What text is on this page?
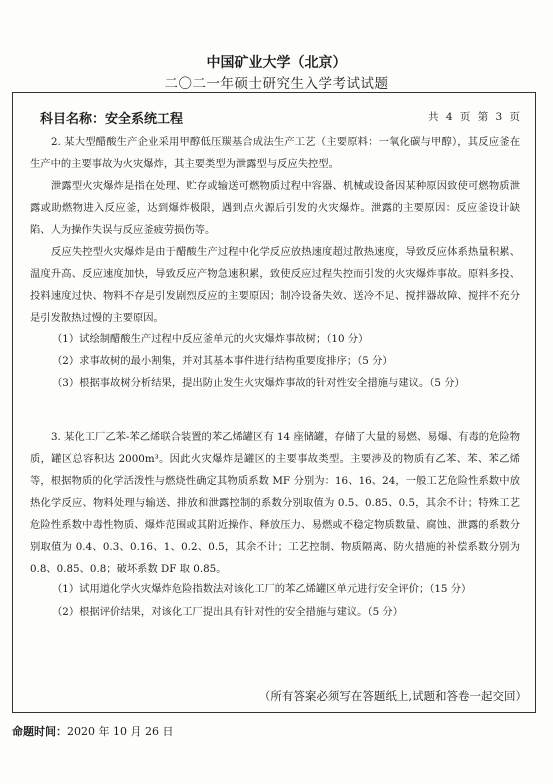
中国矿业大学（北京）
二〇二一年硕士研究生入学考试试题
科目名称：安全系统工程	共 4 页 第 3 页

2. 某大型醋酸生产企业采用甲醇低压羰基合成法生产工艺（主要原料：一氧化碳与甲醇），其反应釜在生产中的主要事故为火灾爆炸，其主要类型为泄露型与反应失控型。

泄露型火灾爆炸是指在处理、贮存或输送可燃物质过程中容器、机械或设备因某种原因致使可燃物质泄露或助燃物进入反应釜，达到爆炸极限，遇到点火源后引发的火灾爆炸。泄露的主要原因：反应釜设计缺陷、人为操作失误与反应釜疲劳损伤等。

反应失控型火灾爆炸是由于醋酸生产过程中化学反应放热速度超过散热速度，导致反应体系热量积累、温度升高、反应速度加快，导致反应产物急速积累，致使反应过程失控而引发的火灾爆炸事故。原料多投、投料速度过快、物料不存是引发剧烈反应的主要原因；制冷设备失效、送冷不足、搅拌器故障、搅拌不充分是引发散热过慢的主要原因。

（1）试绘制醋酸生产过程中反应釜单元的火灾爆炸事故树；（10 分）

（2）求事故树的最小割集，并对其基本事件进行结构重要度排序；（5 分）

（3）根据事故树分析结果，提出防止发生火灾爆炸事故的针对性安全措施与建议。（5 分）

3. 某化工厂乙苯-苯乙烯联合装置的苯乙烯罐区有 14 座储罐，存储了大量的易燃、易爆、有毒的危险物质，罐区总容积达 2000m³。因此火灾爆炸是罐区的主要事故类型。主要涉及的物质有乙苯、苯、苯乙烯等，根据物质的化学活泼性与燃烧性确定其物质系数 MF 分别为：16、16、24，一般工艺危险性系数中放热化学反应、物料处理与输送、排放和泄露控制的系数分别取值为 0.5、0.85、0.5，其余不计；特殊工艺危险性系数中毒性物质、爆炸范围或其附近操作、释放压力、易燃或不稳定物质数量、腐蚀、泄露的系数分别取值为 0.4、0.3、0.16、1、0.2、0.5，其余不计；工艺控制、物质隔离、防火措施的补偿系数分别为 0.8、0.85、0.8；破坏系数 DF 取 0.85。

（1）试用道化学火灾爆炸危险指数法对该化工厂的苯乙烯罐区单元进行安全评价；（15 分）

（2）根据评价结果，对该化工厂提出具有针对性的安全措施与建议。（5 分）

（所有答案必须写在答题纸上,试题和答卷一起交回）
命题时间：2020 年 10 月 26 日
